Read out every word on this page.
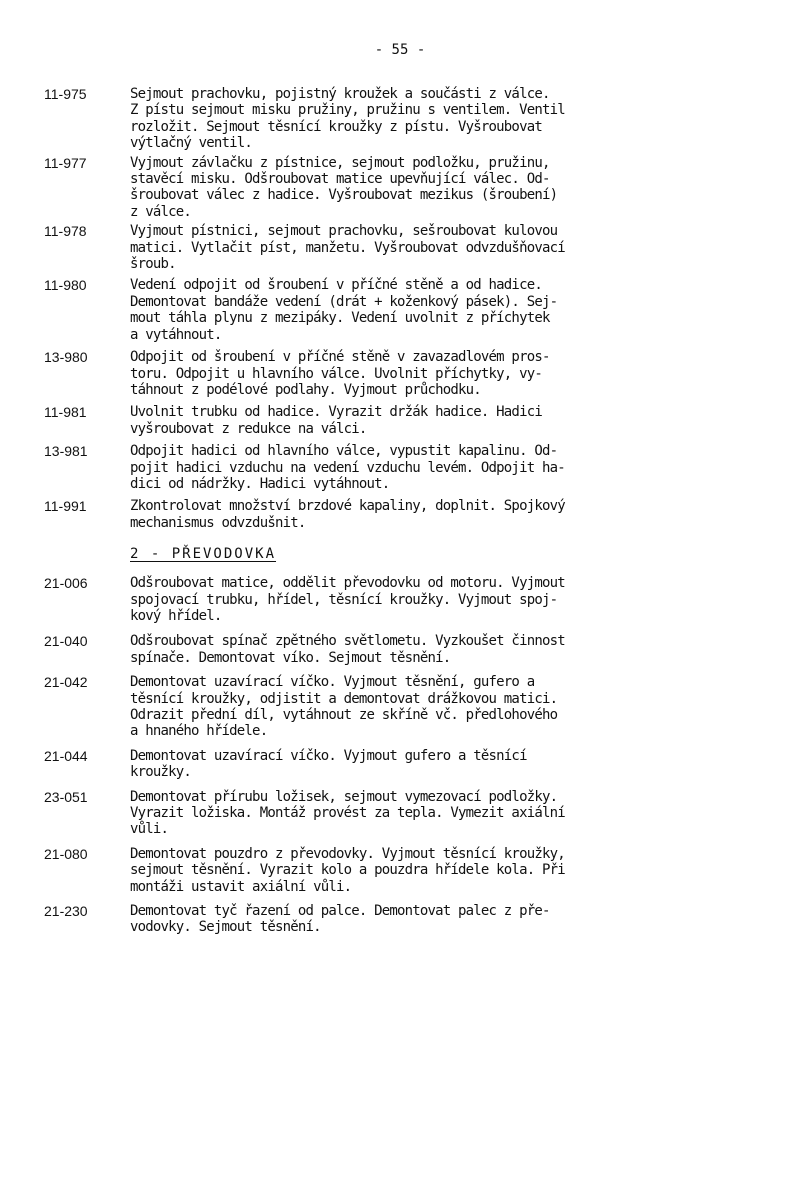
- 55 -
11-975	Sejmout prachovku, pojistný kroužek a součásti z válce.
Z pístu sejmout misku pružiny, pružinu s ventilem. Ventil
rozložit. Sejmout těsnící kroužky z pístu. Vyšroubovat
výtlačný ventil.
11-977	Vyjmout závlačku z pístnice, sejmout podložku, pružinu,
stavěcí misku. Odšroubovat matice upevňující válec. Od-
šroubovat válec z hadice. Vyšroubovat mezikus (šroubení)
z válce.
11-978	Vyjmout pístnici, sejmout prachovku, sešroubovat kulovou
matici. Vytlačit píst, manžetu. Vyšroubovat odvzdušňovací
šroub.
11-980	Vedení odpojit od šroubení v příčné stěně a od hadice.
Demontovat bandáže vedení (drát + koženkový pásek). Sej-
mout táhla plynu z mezipáky. Vedení uvolnit z příchytek
a vytáhnout.
13-980	Odpojit od šroubení v příčné stěně v zavazadlovém pros-
toru. Odpojit u hlavního válce. Uvolnit příchytky, vy-
táhnout z podélové podlahy. Vyjmout průchodku.
11-981	Uvolnit trubku od hadice. Vyrazit držák hadice. Hadici
vyšroubovat z redukce na válci.
13-981	Odpojit hadici od hlavního válce, vypustit kapalinu. Od-
pojit hadici vzduchu na vedení vzduchu levém. Odpojit ha-
dici od nádržky. Hadici vytáhnout.
11-991	Zkontrolovat množství brzdové kapaliny, doplnit. Spojkový
mechanismus odvzdušnit.
2 - PŘEVODOVKA
21-006	Odšroubovat matice, oddělit převodovku od motoru. Vyjmout
spojovací trubku, hřídel, těsnící kroužky. Vyjmout spoj-
kový hřídel.
21-040	Odšroubovat spínač zpětného světlometu. Vyzkoušet činnost
spínače. Demontovat víko. Sejmout těsnění.
21-042	Demontovat uzavírací víčko. Vyjmout těsnění, gufero a
těsnící kroužky, odjistit a demontovat drážkovou matici.
Odrazit přední díl, vytáhnout ze skříně vč. předlohového
a hnaného hřídele.
21-044	Demontovat uzavírací víčko. Vyjmout gufero a těsnící
kroužky.
23-051	Demontovat přírubu ložisek, sejmout vymezovací podložky.
Vyrazit ložiska. Montáž provést za tepla. Vymezit axiální
vůli.
21-080	Demontovat pouzdro z převodovky. Vyjmout těsnící kroužky,
sejmout těsnění. Vyrazit kolo a pouzdra hřídele kola. Při
montáži ustavit axiální vůli.
21-230	Demontovat tyč řazení od palce. Demontovat palec z pře-
vodovky. Sejmout těsnění.
